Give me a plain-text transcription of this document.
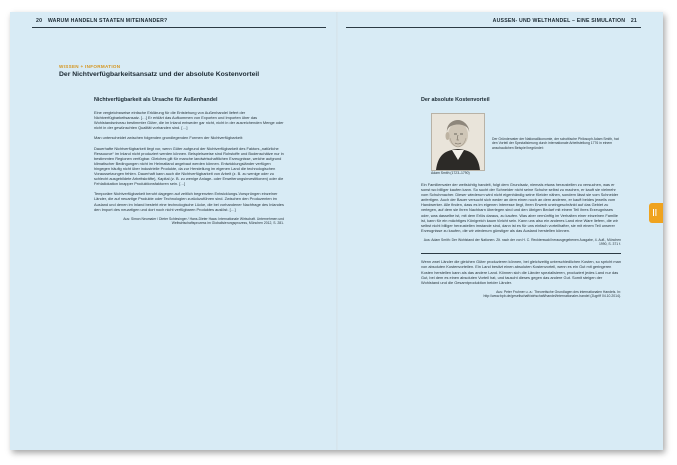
20 WARUM HANDELN STAATEN MITEINANDER?	AUSSEN- UND WELTHANDEL – EINE SIMULATION 21
WISSEN + INFORMATION
Der Nichtverfügbarkeitsansatz und der absolute Kostenvorteil
Nichtverfügbarkeit als Ursache für Außenhandel

Eine vergleichsweise einfache Erklärung für die Entstehung von Außenhandel liefert der Nichtverfügbarkeitsansatz. […] Er erklärt das Aufkommen von Exporten und Importen über das Wohlstandsniveau bestimmter Güter, die im Inland entweder gar nicht, nicht in der ausreichenden Menge oder nicht in der gewünschten Qualität vorhanden sind. […]

Man unterscheidet zwischen folgenden grundlegenden Formen der Nichtverfügbarkeit:

Dauerhafte Nichtverfügbarkeit liegt vor, wenn Güter aufgrund der Nichtverfügbarkeit des Faktors „natürliche Ressource“ im Inland nicht produziert werden können. Beispielsweise sind Rohstoffe und Bodenschätze nur in bestimmten Regionen verfügbar. Gleiches gilt für manche landwirtschaftlichen Erzeugnisse, welche aufgrund klimatischer Bedingungen nicht im Heimatland angebaut werden können. Entwicklungsländer verfügen hingegen häufig nicht über industrielle Produkte, da zur Herstellung im eigenen Land die technologischen Voraussetzungen fehlen. Dauerhaft kann auch die Nichtverfügbarkeit von Arbeit (z. B. zu wenige oder zu schlecht ausgebildete Arbeitskräfte), Kapital (z. B. zu wenige Anlage- oder Erweiterungsinvestitionen) oder die Fehlallokation knapper Produktionsfaktoren sein. […]

Temporäre Nichtverfügbarkeit beruht dagegen auf zeitlich begrenzten Entwicklungs-Vorsprüngen einzelner Länder, die auf neuartige Produkte oder Technologien zurückzuführen sind. Zwischen den Produzenten im Ausland und denen im Inland besteht eine technologische Lücke, die bei vorhandener Nachfrage des Inlandes den Import des neuartigen und dort noch nicht verfügbaren Produktes auslöst. […]

Aus: Simon Neumaier / Dieter Schlesinger / Hans-Dieter Haas: Internationale Wirtschaft. Unternehmen und Weltwirtschaftsprozess im Globalisierungsprozess, München 2012, S. 281.
Der absolute Kostenvorteil
Adam Smith (1723–1790)
Der Gründervater der Nationalökonomie, der schottische Philosoph Adam Smith, hat den Vorteil der Spezialisierung durch internationale Arbeitsteilung 1776 in einem anschaulichen Beispiel begründet:

Ein Familienvater der weitsichtig handelt, folgt dem Grundsatz, niemals etwas herzustellen zu versuchen, was er sonst wo billiger kaufen kann. So sucht der Schneider nicht seine Schuhe selbst zu machen, er kauft sie vielmehr vom Schuhmacher. Dieser wiederum wird nicht eigenhändig seine Kleider nähen, sondern lässt sie vom Schneider anfertigen. Auch der Bauer versucht sich weder an dem einen noch an dem anderen, er kauft beides jeweils vom Handwerker. Alle finden, dass es im eigenen Interesse liegt, ihren Erwerb uneingeschränkt auf das Gebiet zu verlegen, auf dem sie ihren Nachbarn überlegen sind und den übrigen Bedarf mit einem Teil ihres Erzeugnisses oder, was dasselbe ist, mit dem Erlös daraus, zu kaufen. Was aber vernünftig im Verhalten einer einzelnen Familie ist, kann für ein mächtiges Königreich kaum töricht sein. Kann uns also ein anderes Land eine Ware liefern, die wir selbst nicht billiger herzustellen imstande sind, dann ist es für uns einfach vorteilhafter, sie mit einem Teil unserer Erzeugnisse zu kaufen, die wir wiederum günstiger als das Ausland herstellen können.

Aus: Adam Smith: Der Wohlstand der Nationen. Zit. nach der von H. C. Recktenwald herausgegebenen Ausgabe, 4. Aufl., München 1990, S. 371 f.

Wenn zwei Länder die gleichen Güter produzieren können, bei gleichzeitig unterschiedlichen Kosten, so spricht man von absoluten Kostenvorteilen. Ein Land besitzt einen absoluten Kostenvorteil, wenn es ein Gut mit geringeren Kosten herstellen kann als das andere Land. Können sich die Länder spezialisieren, produziert jedes Land nur das Gut, bei dem es einen absoluten Vorteil hat, und tauscht dieses gegen das andere Gut. Somit steigen der Wohlstand und die Gesamtproduktion beider Länder.

Aus: Peter Fruhner u. a.: Theoretische Grundlagen des internationalen Handels. In: http://www.bpb.de/gesellschaft/wirtschaft/handel/internationaler-handel (Zugriff 04.10.2014).
